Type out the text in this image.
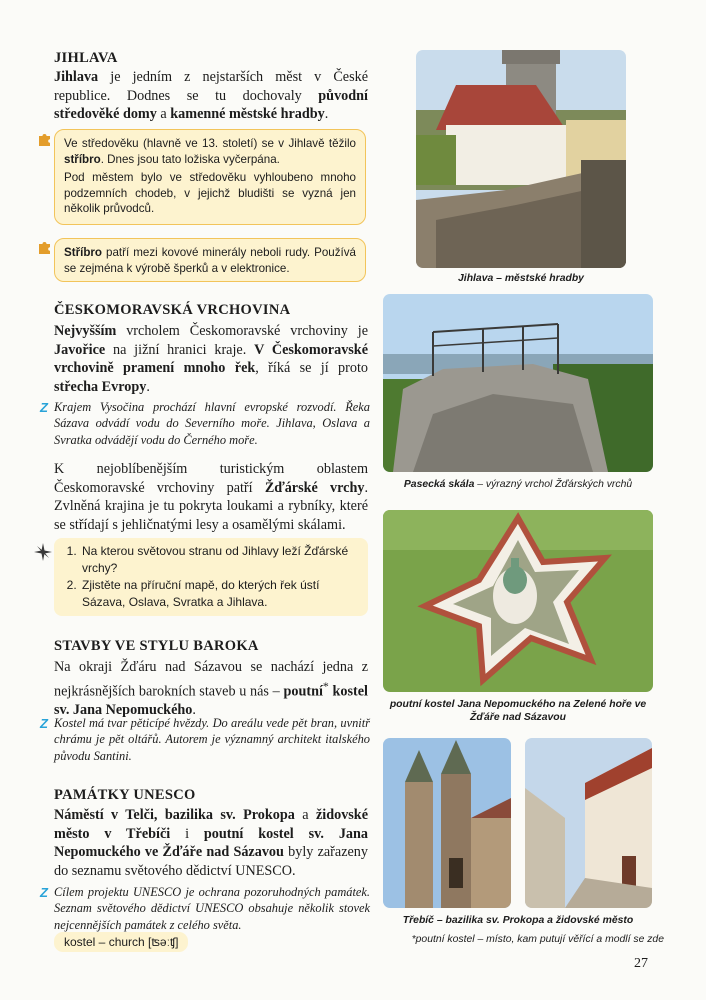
JIHLAVA
Jihlava je jedním z nejstarších měst v České republice. Dodnes se tu dochovaly původní středověké domy a kamenné městské hradby.

Ve středověku (hlavně ve 13. století) se v Jihlavě těžilo stříbro. Dnes jsou tato ložiska vyčerpána.

Pod městem bylo ve středověku vyhloubeno mnoho podzemních chodeb, v jejichž bludišti se vyzná jen několik průvodců.

Stříbro patří mezi kovové minerály neboli rudy. Používá se zejména k výrobě šperků a v elektronice.

ČESKOMORAVSKÁ VRCHOVINA
Nejvyšším vrcholem Českomoravské vrchoviny je Javořice na jižní hranici kraje. V Českomoravské vrchovině pramení mnoho řek, říká se jí proto střecha Evropy.
Z Krajem Vysočina prochází hlavní evropské rozvodí. Řeka Sázava odvádí vodu do Severního moře. Jihlava, Oslava a Svratka odvádějí vodu do Černého moře.
K nejoblíbenějším turistickým oblastem Českomoravské vrchoviny patří Žďárské vrchy. Zvlněná krajina je tu pokryta loukami a rybníky, které se střídají s jehličnatými lesy a osamělými skálami.
1. Na kterou světovou stranu od Jihlavy leží Žďárské vrchy?
2. Zjistěte na příruční mapě, do kterých řek ústí Sázava, Oslava, Svratka a Jihlava.
STAVBY VE STYLU BAROKA
Na okraji Žďáru nad Sázavou se nachází jedna z nejkrásnějších barokních staveb u nás – poutní* kostel sv. Jana Nepomuckého.
Z Kostel má tvar pěticípé hvězdy. Do areálu vede pět bran, uvnitř chrámu je pět oltářů. Autorem je významný architekt italského původu Santini.
PAMÁTKY UNESCO
Náměstí v Telči, bazilika sv. Prokopa a židovské město v Třebíči i poutní kostel sv. Jana Nepomuckého ve Žďáře nad Sázavou byly zařazeny do seznamu světového dědictví UNESCO.
Z Cílem projektu UNESCO je ochrana pozoruhodných památek. Seznam světového dědictví UNESCO obsahuje několik stovek nejcennějších památek z celého světa.
kostel – church [ʦəːʧ]
Jihlava – městské hradby
Pasecká skála – výrazný vrchol Žďárských vrchů
poutní kostel Jana Nepomuckého na Zelené hoře ve Žďáře nad Sázavou
Třebíč – bazilika sv. Prokopa a židovské město
*poutní kostel – místo, kam putují věřící a modlí se zde
27
